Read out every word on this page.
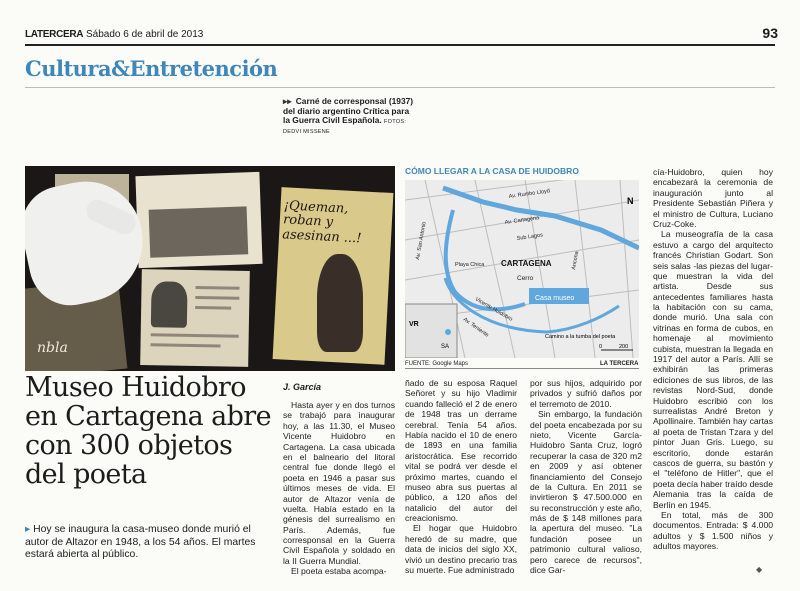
LATERCERA Sábado 6 de abril de 2013	93
Cultura&Entretención
▸▸ Carné de corresponsal (1937) del diario argentino Crítica para la Guerra Civil Española. FOTOS: DEDVI MISSENE
nbla
¡Queman, roban y asesinan ...!
CÓMO LLEGAR A LA CASA DE HUIDOBRO
Casa museo
CARTAGENA
Cerro
Av. Rumbo Lloyd
Av. Cartagena
Av. San Antonio
Av. Teniente
Vicente Huidobro
Sub Lagos
Playa Chica	Ancona
VR
SA
Camino a la tumba del poeta
N
0	200
FUENTE: Google Maps	LA TERCERA
Museo Huidobro en Cartagena abre con 300 objetos del poeta
▸ Hoy se inaugura la casa-museo donde murió el autor de Altazor en 1948, a los 54 años. El martes estará abierta al público.
J. García

Hasta ayer y en dos turnos se trabajó para inaugurar hoy, a las 11.30, el Museo Vicente Huidobro en Cartagena. La casa ubicada en el balneario del litoral central fue donde llegó el poeta en 1946 a pasar sus últimos meses de vida. El autor de Altazor venía de vuelta. Había estado en la génesis del surrealismo en París. Además, fue corresponsal en la Guerra Civil Española y soldado en la II Guerra Mundial.

El poeta estaba acompa-

ñado de su esposa Raquel Señoret y su hijo Vladimir cuando falleció el 2 de enero de 1948 tras un derrame cerebral. Tenía 54 años. Había nacido el 10 de enero de 1893 en una familia aristocrática. Ese recorrido vital se podrá ver desde el próximo martes, cuando el museo abra sus puertas al público, a 120 años del natalicio del autor del creacionismo.

El hogar que Huidobro heredó de su madre, que data de inicios del siglo XX, vivió un destino precario tras su muerte. Fue administrado

por sus hijos, adquirido por privados y sufrió daños por el terremoto de 2010.

Sin embargo, la fundación del poeta encabezada por su nieto, Vicente García-Huidobro Santa Cruz, logró recuperar la casa de 320 m2 en 2009 y así obtener financiamiento del Consejo de la Cultura. En 2011 se invirtieron $ 47.500.000 en su reconstrucción y este año, más de $ 148 millones para la apertura del museo. "La fundación posee un patrimonio cultural valioso, pero carece de recursos", dice Gar-

cía-Huidobro, quien hoy encabezará la ceremonia de inauguración junto al Presidente Sebastián Piñera y el ministro de Cultura, Luciano Cruz-Coke.

La museografía de la casa estuvo a cargo del arquitecto francés Christian Godart. Son seis salas -las piezas del lugar- que muestran la vida del artista. Desde sus antecedentes familiares hasta la habitación con su cama, donde murió. Una sala con vitrinas en forma de cubos, en homenaje al movimiento cubista, muestran la llegada en 1917 del autor a París. Allí se exhibirán las primeras ediciones de sus libros, de las revistas Nord-Sud, donde Huidobro escribió con los surrealistas André Breton y Apollinaire. También hay cartas al poeta de Tristan Tzara y del pintor Juan Gris. Luego, su escritorio, donde estarán cascos de guerra, su bastón y el "teléfono de Hitler", que el poeta decía haber traído desde Alemania tras la caída de Berlín en 1945.

En total, más de 300 documentos. Entrada: $ 4.000 adultos y $ 1.500 niños y adultos mayores.

◆
